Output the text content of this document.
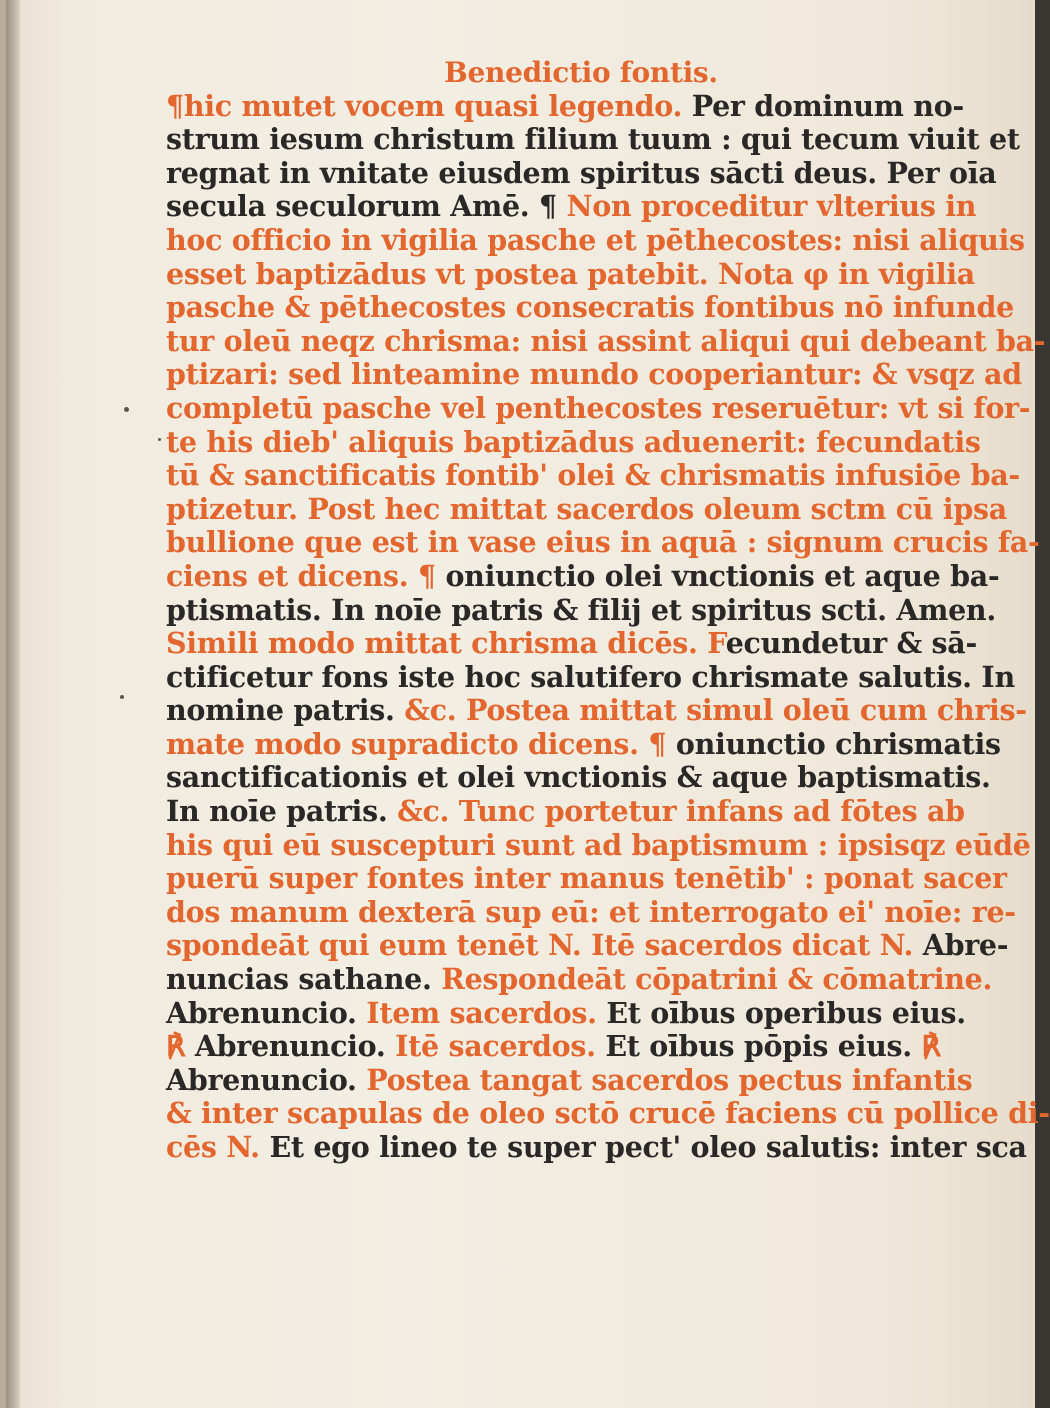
Benedictio fontis.
¶hic mutet vocem quasi legendo. Per dominum no-
strum iesum christum filium tuum : qui tecum viuit et
regnat in vnitate eiusdem spiritus sācti deus. Per oīa
secula seculorum Amē. ¶ Non proceditur vlterius in
hoc officio in vigilia pasche et pēthecostes: nisi aliquis
esset baptizādus vt postea patebit. Nota φ in vigilia
pasche & pēthecostes consecratis fontibus nō infunde
tur oleū neqz chrisma: nisi assint aliqui qui debeant ba-
ptizari: sed linteamine mundo cooperiantur: & vsqz ad
completū pasche vel penthecostes reseruētur: vt si for-
te his dieb' aliquis baptizādus aduenerit: fecundatis
tū & sanctificatis fontib' olei & chrismatis infusiōe ba-
ptizetur. Post hec mittat sacerdos oleum sctm cū ipsa
bullione que est in vase eius in aquā : signum crucis fa-
ciens et dicens. ¶ oniunctio olei vnctionis et aque ba-
ptismatis. In noīe patris & filij et spiritus scti. Amen.
Simili modo mittat chrisma dicēs. Fecundetur & sā-
ctificetur fons iste hoc salutifero chrismate salutis. In
nomine patris. &c. Postea mittat simul oleū cum chris-
mate modo supradicto dicens. ¶ oniunctio chrismatis
sanctificationis et olei vnctionis & aque baptismatis.
In noīe patris. &c. Tunc portetur infans ad fōtes ab
his qui eū suscepturi sunt ad baptismum : ipsisqz eūdē
puerū super fontes inter manus tenētib' : ponat sacer
dos manum dexterā sup eū: et interrogato ei' noīe: re-
spondeāt qui eum tenēt N. Itē sacerdos dicat N. Abre-
nuncias sathane. Respondeāt cōpatrini & cōmatrine.
Abrenuncio. Item sacerdos. Et oībus operibus eius.
℟ Abrenuncio. Itē sacerdos. Et oībus pōpis eius. ℟
Abrenuncio. Postea tangat sacerdos pectus infantis
& inter scapulas de oleo sctō crucē faciens cū pollice di-
cēs N. Et ego lineo te super pect' oleo salutis: inter sca
